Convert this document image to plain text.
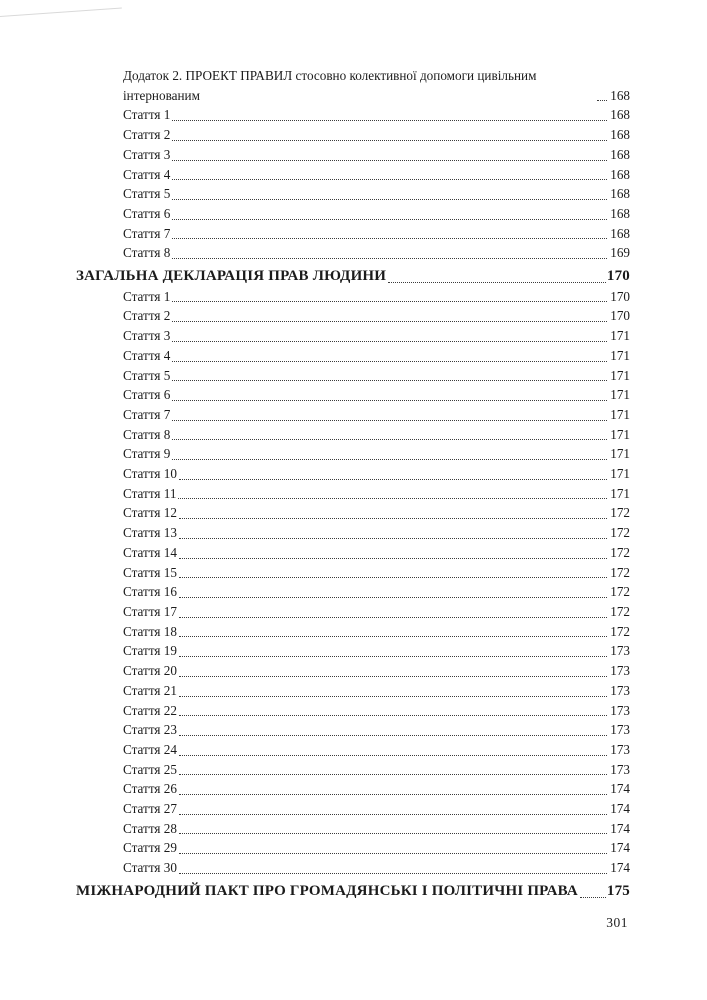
Додаток 2. ПРОЕКТ ПРАВИЛ стосовно колективної допомоги цивільним інтернованим	168
Стаття 1	168
Стаття 2	168
Стаття 3	168
Стаття 4	168
Стаття 5	168
Стаття 6	168
Стаття 7	168
Стаття 8	169
ЗАГАЛЬНА ДЕКЛАРАЦІЯ ПРАВ ЛЮДИНИ	170
Стаття 1	170
Стаття 2	170
Стаття 3	171
Стаття 4	171
Стаття 5	171
Стаття 6	171
Стаття 7	171
Стаття 8	171
Стаття 9	171
Стаття 10	171
Стаття 11	171
Стаття 12	172
Стаття 13	172
Стаття 14	172
Стаття 15	172
Стаття 16	172
Стаття 17	172
Стаття 18	172
Стаття 19	173
Стаття 20	173
Стаття 21	173
Стаття 22	173
Стаття 23	173
Стаття 24	173
Стаття 25	173
Стаття 26	174
Стаття 27	174
Стаття 28	174
Стаття 29	174
Стаття 30	174
МІЖНАРОДНИЙ ПАКТ ПРО ГРОМАДЯНСЬКІ І ПОЛІТИЧНІ ПРАВА 175
301
